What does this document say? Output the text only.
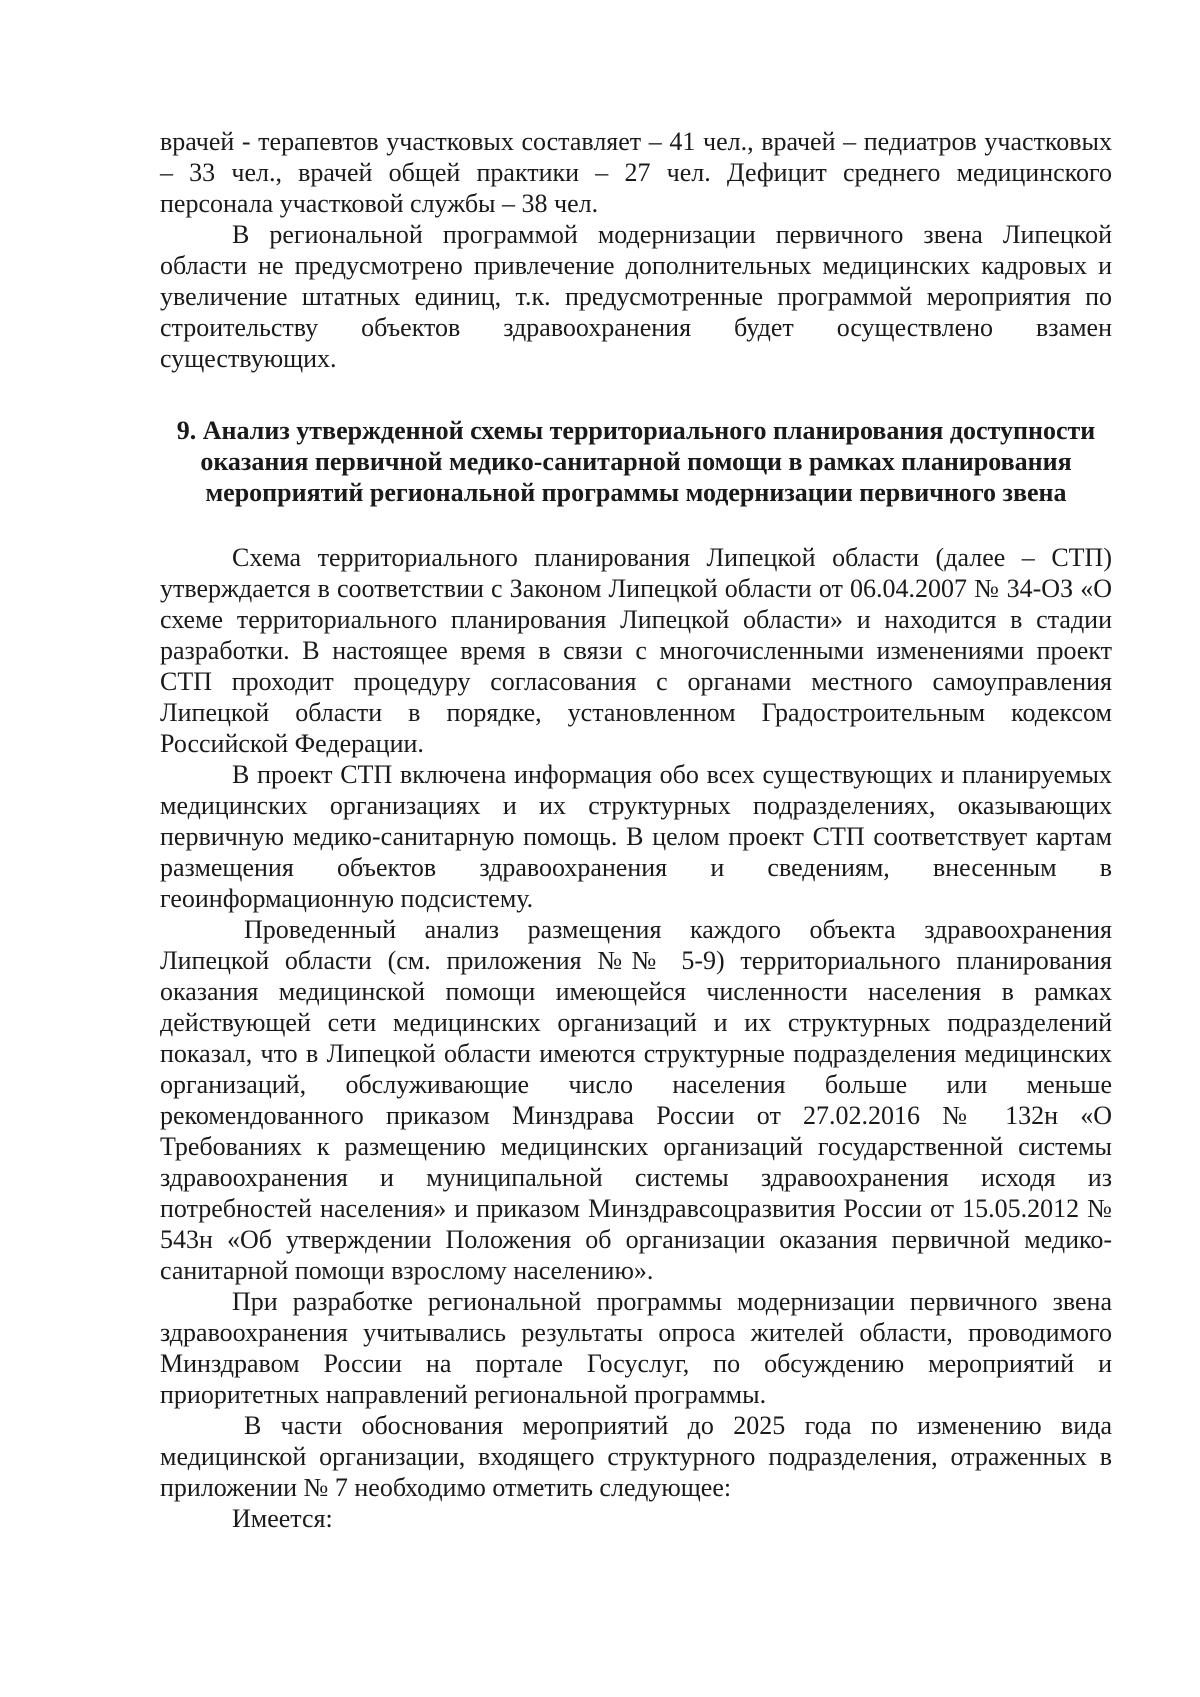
врачей - терапевтов участковых составляет – 41 чел., врачей – педиатров участковых – 33 чел., врачей общей практики – 27 чел. Дефицит среднего медицинского персонала участковой службы – 38 чел.

В региональной программой модернизации первичного звена Липецкой области не предусмотрено привлечение дополнительных медицинских кадровых и увеличение штатных единиц, т.к. предусмотренные программой мероприятия по строительству объектов здравоохранения будет осуществлено взамен существующих.

9. Анализ утвержденной схемы территориального планирования доступности оказания первичной медико-санитарной помощи в рамках планирования мероприятий региональной программы модернизации первичного звена

Схема территориального планирования Липецкой области (далее – СТП) утверждается в соответствии с Законом Липецкой области от 06.04.2007 № 34-ОЗ «О схеме территориального планирования Липецкой области» и находится в стадии разработки. В настоящее время в связи с многочисленными изменениями проект СТП проходит процедуру согласования с органами местного самоуправления Липецкой области в порядке, установленном Градостроительным кодексом Российской Федерации.

В проект СТП включена информация обо всех существующих и планируемых медицинских организациях и их структурных подразделениях, оказывающих первичную медико-санитарную помощь. В целом проект СТП соответствует картам размещения объектов здравоохранения и сведениям, внесенным в геоинформационную подсистему.

Проведенный анализ размещения каждого объекта здравоохранения Липецкой области (см. приложения №№ 5-9) территориального планирования оказания медицинской помощи имеющейся численности населения в рамках действующей сети медицинских организаций и их структурных подразделений показал, что в Липецкой области имеются структурные подразделения медицинских организаций, обслуживающие число населения больше или меньше рекомендованного приказом Минздрава России от 27.02.2016 № 132н «О Требованиях к размещению медицинских организаций государственной системы здравоохранения и муниципальной системы здравоохранения исходя из потребностей населения» и приказом Минздравсоцразвития России от 15.05.2012 № 543н «Об утверждении Положения об организации оказания первичной медико-санитарной помощи взрослому населению».

При разработке региональной программы модернизации первичного звена здравоохранения учитывались результаты опроса жителей области, проводимого Минздравом России на портале Госуслуг, по обсуждению мероприятий и приоритетных направлений региональной программы.

В части обоснования мероприятий до 2025 года по изменению вида медицинской организации, входящего структурного подразделения, отраженных в приложении № 7 необходимо отметить следующее:

Имеется:
